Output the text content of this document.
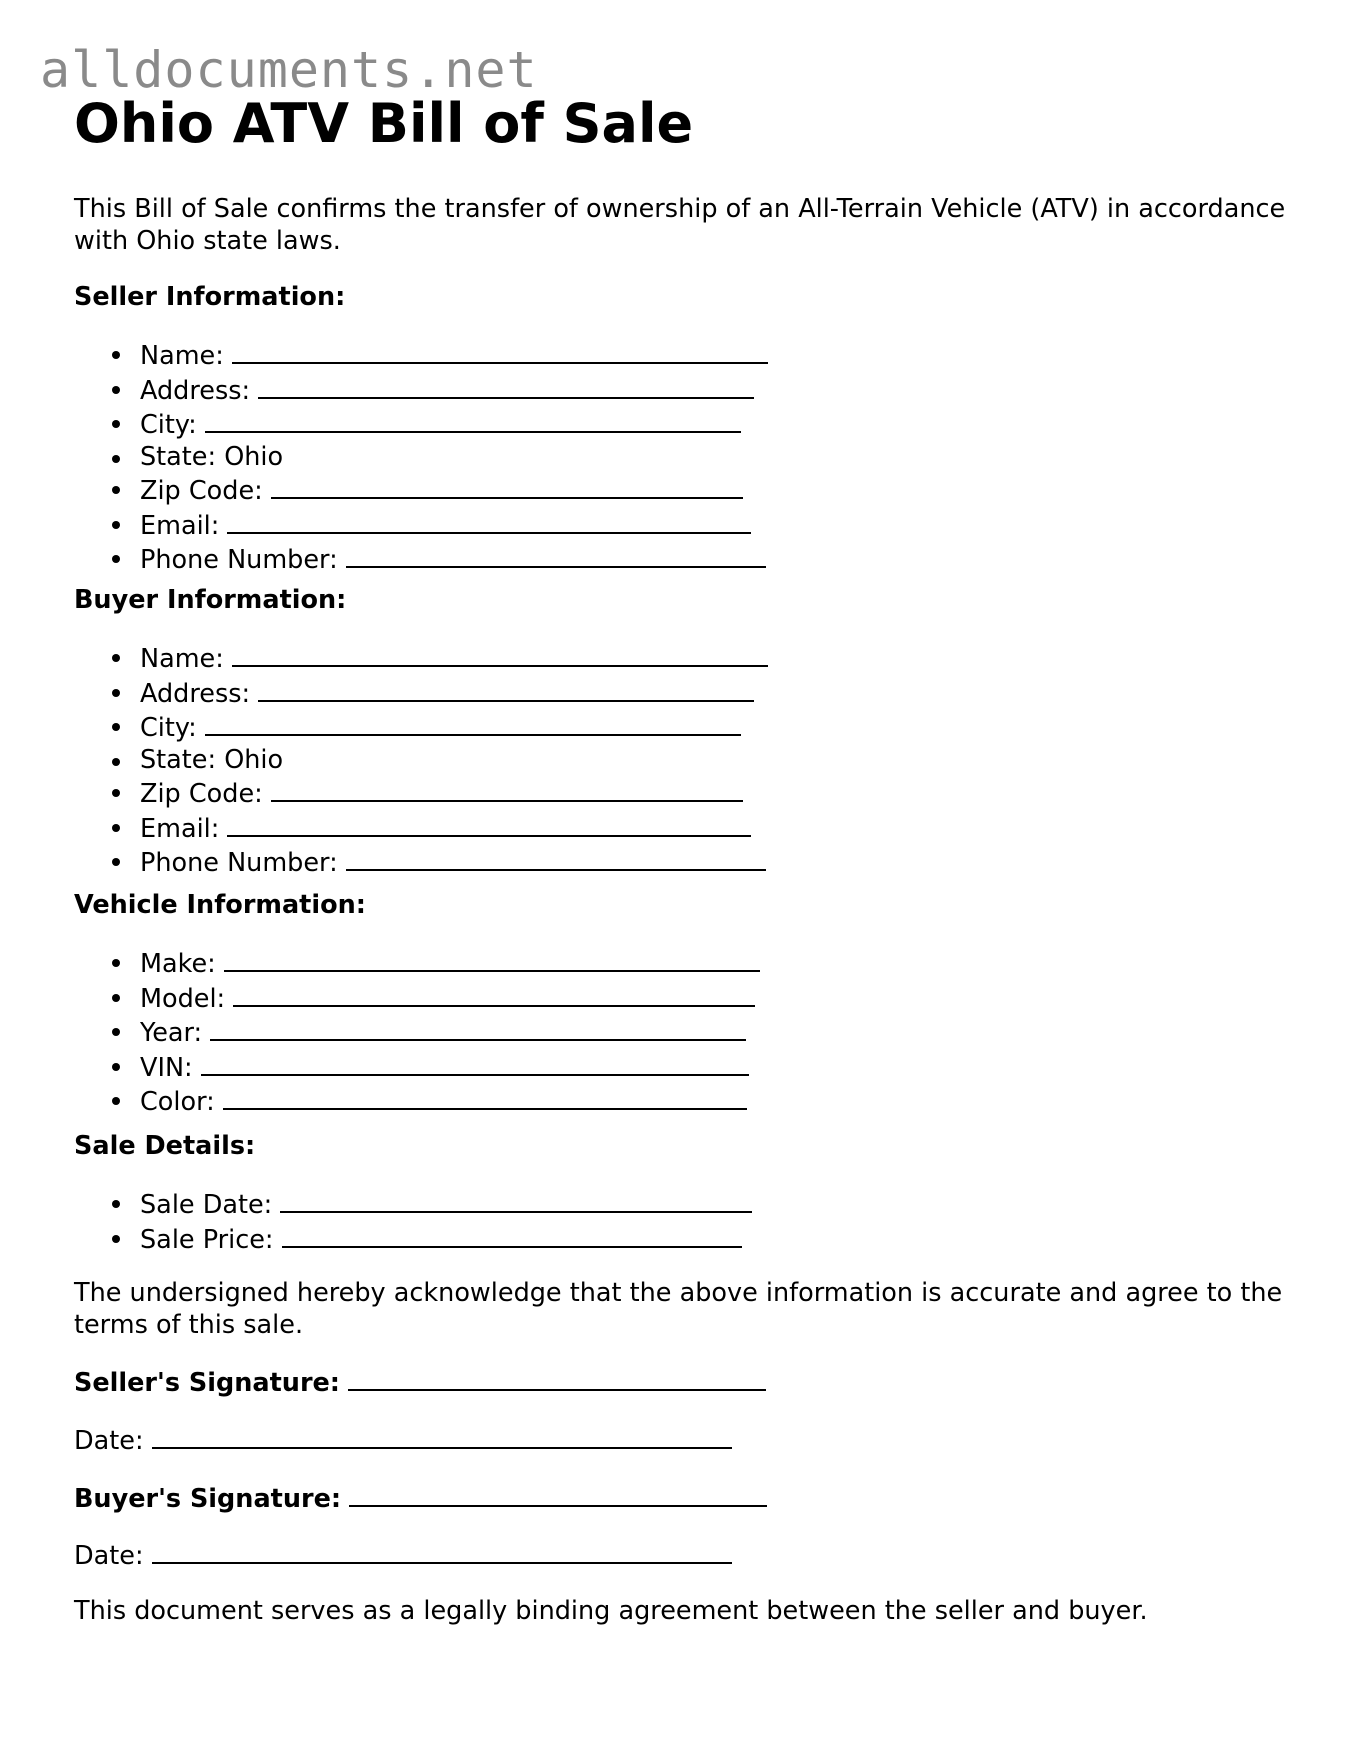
alldocuments.net
Ohio ATV Bill of Sale

This Bill of Sale confirms the transfer of ownership of an All-Terrain Vehicle (ATV) in accordance with Ohio state laws.

Seller Information:
Name:
Address:
City:
State: Ohio
Zip Code:
Email:
Phone Number:
Buyer Information:
Name:
Address:
City:
State: Ohio
Zip Code:
Email:
Phone Number:
Vehicle Information:
Make:
Model:
Year:
VIN:
Color:
Sale Details:
Sale Date:
Sale Price:

The undersigned hereby acknowledge that the above information is accurate and agree to the terms of this sale.

Seller's Signature:
Date:
Buyer's Signature:
Date:

This document serves as a legally binding agreement between the seller and buyer.
